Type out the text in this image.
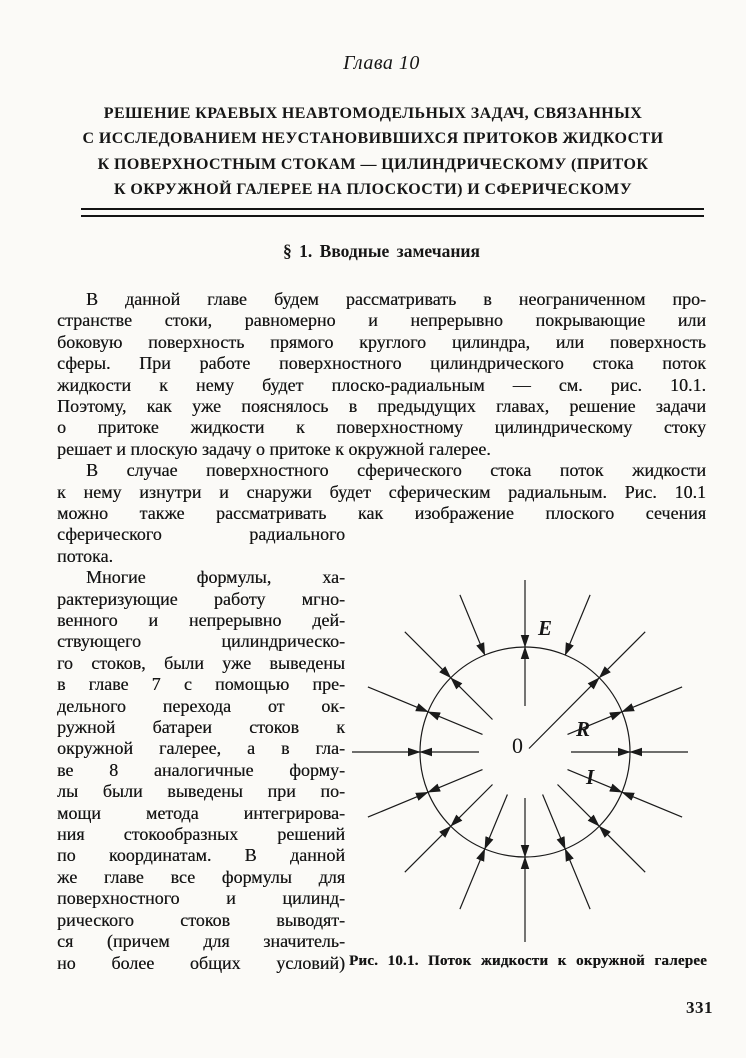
Глава 10
РЕШЕНИЕ КРАЕВЫХ НЕАВТОМОДЕЛЬНЫХ ЗАДАЧ, СВЯЗАННЫХ
С ИССЛЕДОВАНИЕМ НЕУСТАНОВИВШИХСЯ ПРИТОКОВ ЖИДКОСТИ
К ПОВЕРХНОСТНЫМ СТОКАМ — ЦИЛИНДРИЧЕСКОМУ (ПРИТОК
К ОКРУЖНОЙ ГАЛЕРЕЕ НА ПЛОСКОСТИ) И СФЕРИЧЕСКОМУ
§ 1. Вводные замечания
В данной главе будем рассматривать в неограниченном про-
странстве стоки, равномерно и непрерывно покрывающие или
боковую поверхность прямого круглого цилиндра, или поверхность
сферы. При работе поверхностного цилиндрического стока поток
жидкости к нему будет плоско-радиальным — см. рис. 10.1.
Поэтому, как уже пояснялось в предыдущих главах, решение задачи
о притоке жидкости к поверхностному цилиндрическому стоку
решает и плоскую задачу о притоке к окружной галерее.
В случае поверхностного сферического стока поток жидкости
к нему изнутри и снаружи будет сферическим радиальным. Рис. 10.1
можно также рассматривать как изображение плоского сечения
сферического радиального
потока.
Многие формулы, ха-
рактеризующие работу мгно-
венного и непрерывно дей-
ствующего цилиндрическо-
го стоков, были уже выведены
в главе 7 с помощью пре-
дельного перехода от ок-
ружной батареи стоков к
окружной галерее, а в гла-
ве 8 аналогичные форму-
лы были выведены при по-
мощи метода интегрирова-
ния стокообразных решений
по координатам. В данной
же главе все формулы для
поверхностного и цилинд-
рического стоков выводят-
ся (причем для значитель-
но более общих условий)
E
R
I
0
Рис. 10.1. Поток жидкости к окружной галерее
331
